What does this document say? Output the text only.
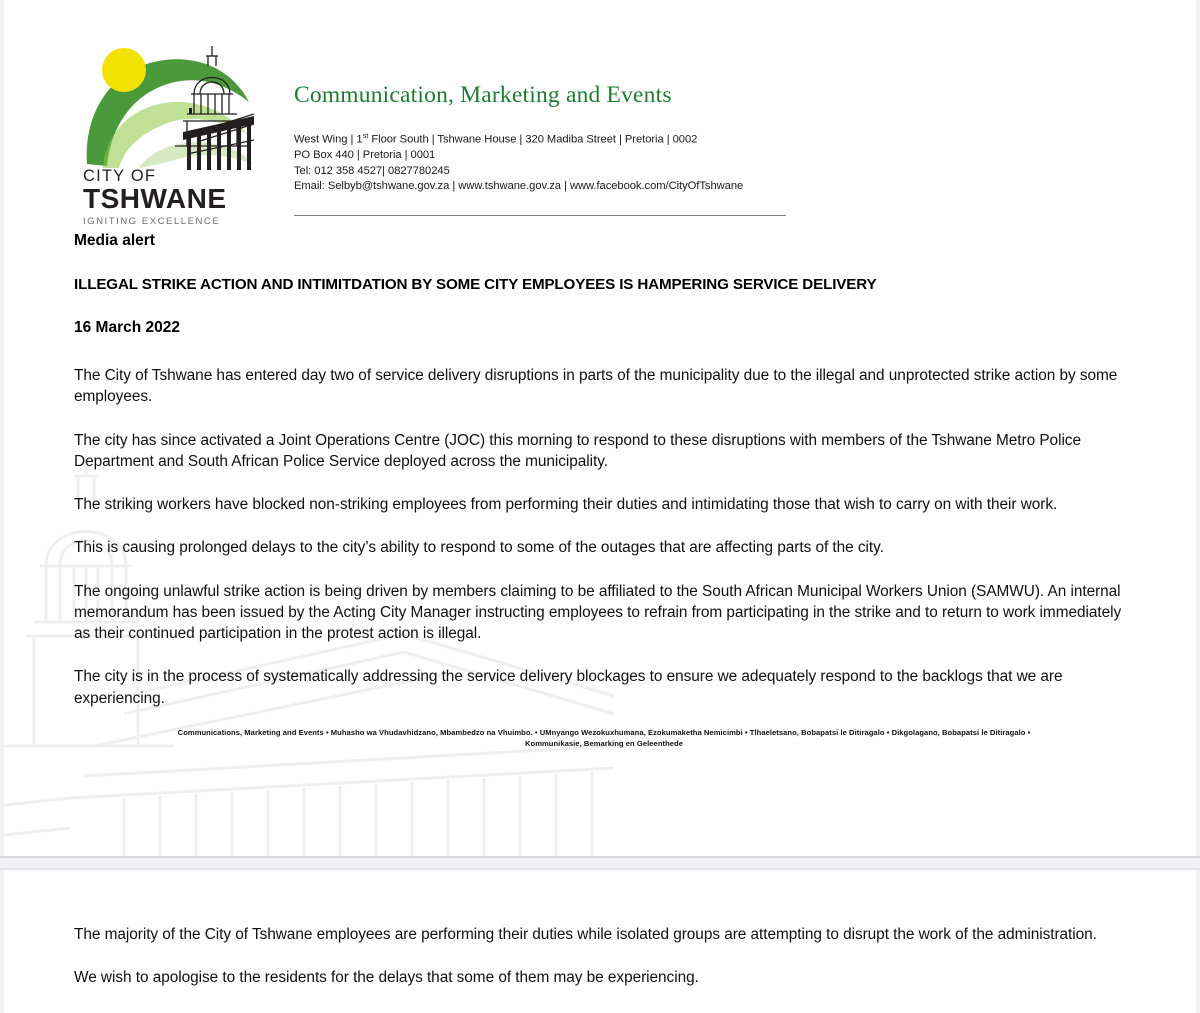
CITY OF
TSHWANE
IGNITING EXCELLENCE
Communication, Marketing and Events
West Wing | 1st Floor South | Tshwane House | 320 Madiba Street | Pretoria | 0002
PO Box 440 | Pretoria | 0001
Tel: 012 358 4527| 0827780245
Email: Selbyb@tshwane.gov.za | www.tshwane.gov.za | www.facebook.com/CityOfTshwane
Media alert
ILLEGAL STRIKE ACTION AND INTIMITDATION BY SOME CITY EMPLOYEES IS HAMPERING SERVICE DELIVERY
16 March 2022

The City of Tshwane has entered day two of service delivery disruptions in parts of the municipality due to the illegal and unprotected strike action by some employees.

The city has since activated a Joint Operations Centre (JOC) this morning to respond to these disruptions with members of the Tshwane Metro Police Department and South African Police Service deployed across the municipality.

The striking workers have blocked non-striking employees from performing their duties and intimidating those that wish to carry on with their work.

This is causing prolonged delays to the city’s ability to respond to some of the outages that are affecting parts of the city.

The ongoing unlawful strike action is being driven by members claiming to be affiliated to the South African Municipal Workers Union (SAMWU). An internal memorandum has been issued by the Acting City Manager instructing employees to refrain from participating in the strike and to return to work immediately as their continued participation in the protest action is illegal.

The city is in the process of systematically addressing the service delivery blockages to ensure we adequately respond to the backlogs that we are experiencing.

Communications, Marketing and Events • Muhasho wa Vhudavhidzano, Mbambedzo na Vhuimbo. • UMnyango Wezokuxhumana, Ezokumaketha Nemicimbi • Tlhaeletsano, Bobapatsi le Ditiragalo • Dikgolagano, Bobapatsi le Ditiragalo •
Kommunikasie, Bemarking en Geleenthede

The majority of the City of Tshwane employees are performing their duties while isolated groups are attempting to disrupt the work of the administration.

We wish to apologise to the residents for the delays that some of them may be experiencing.
